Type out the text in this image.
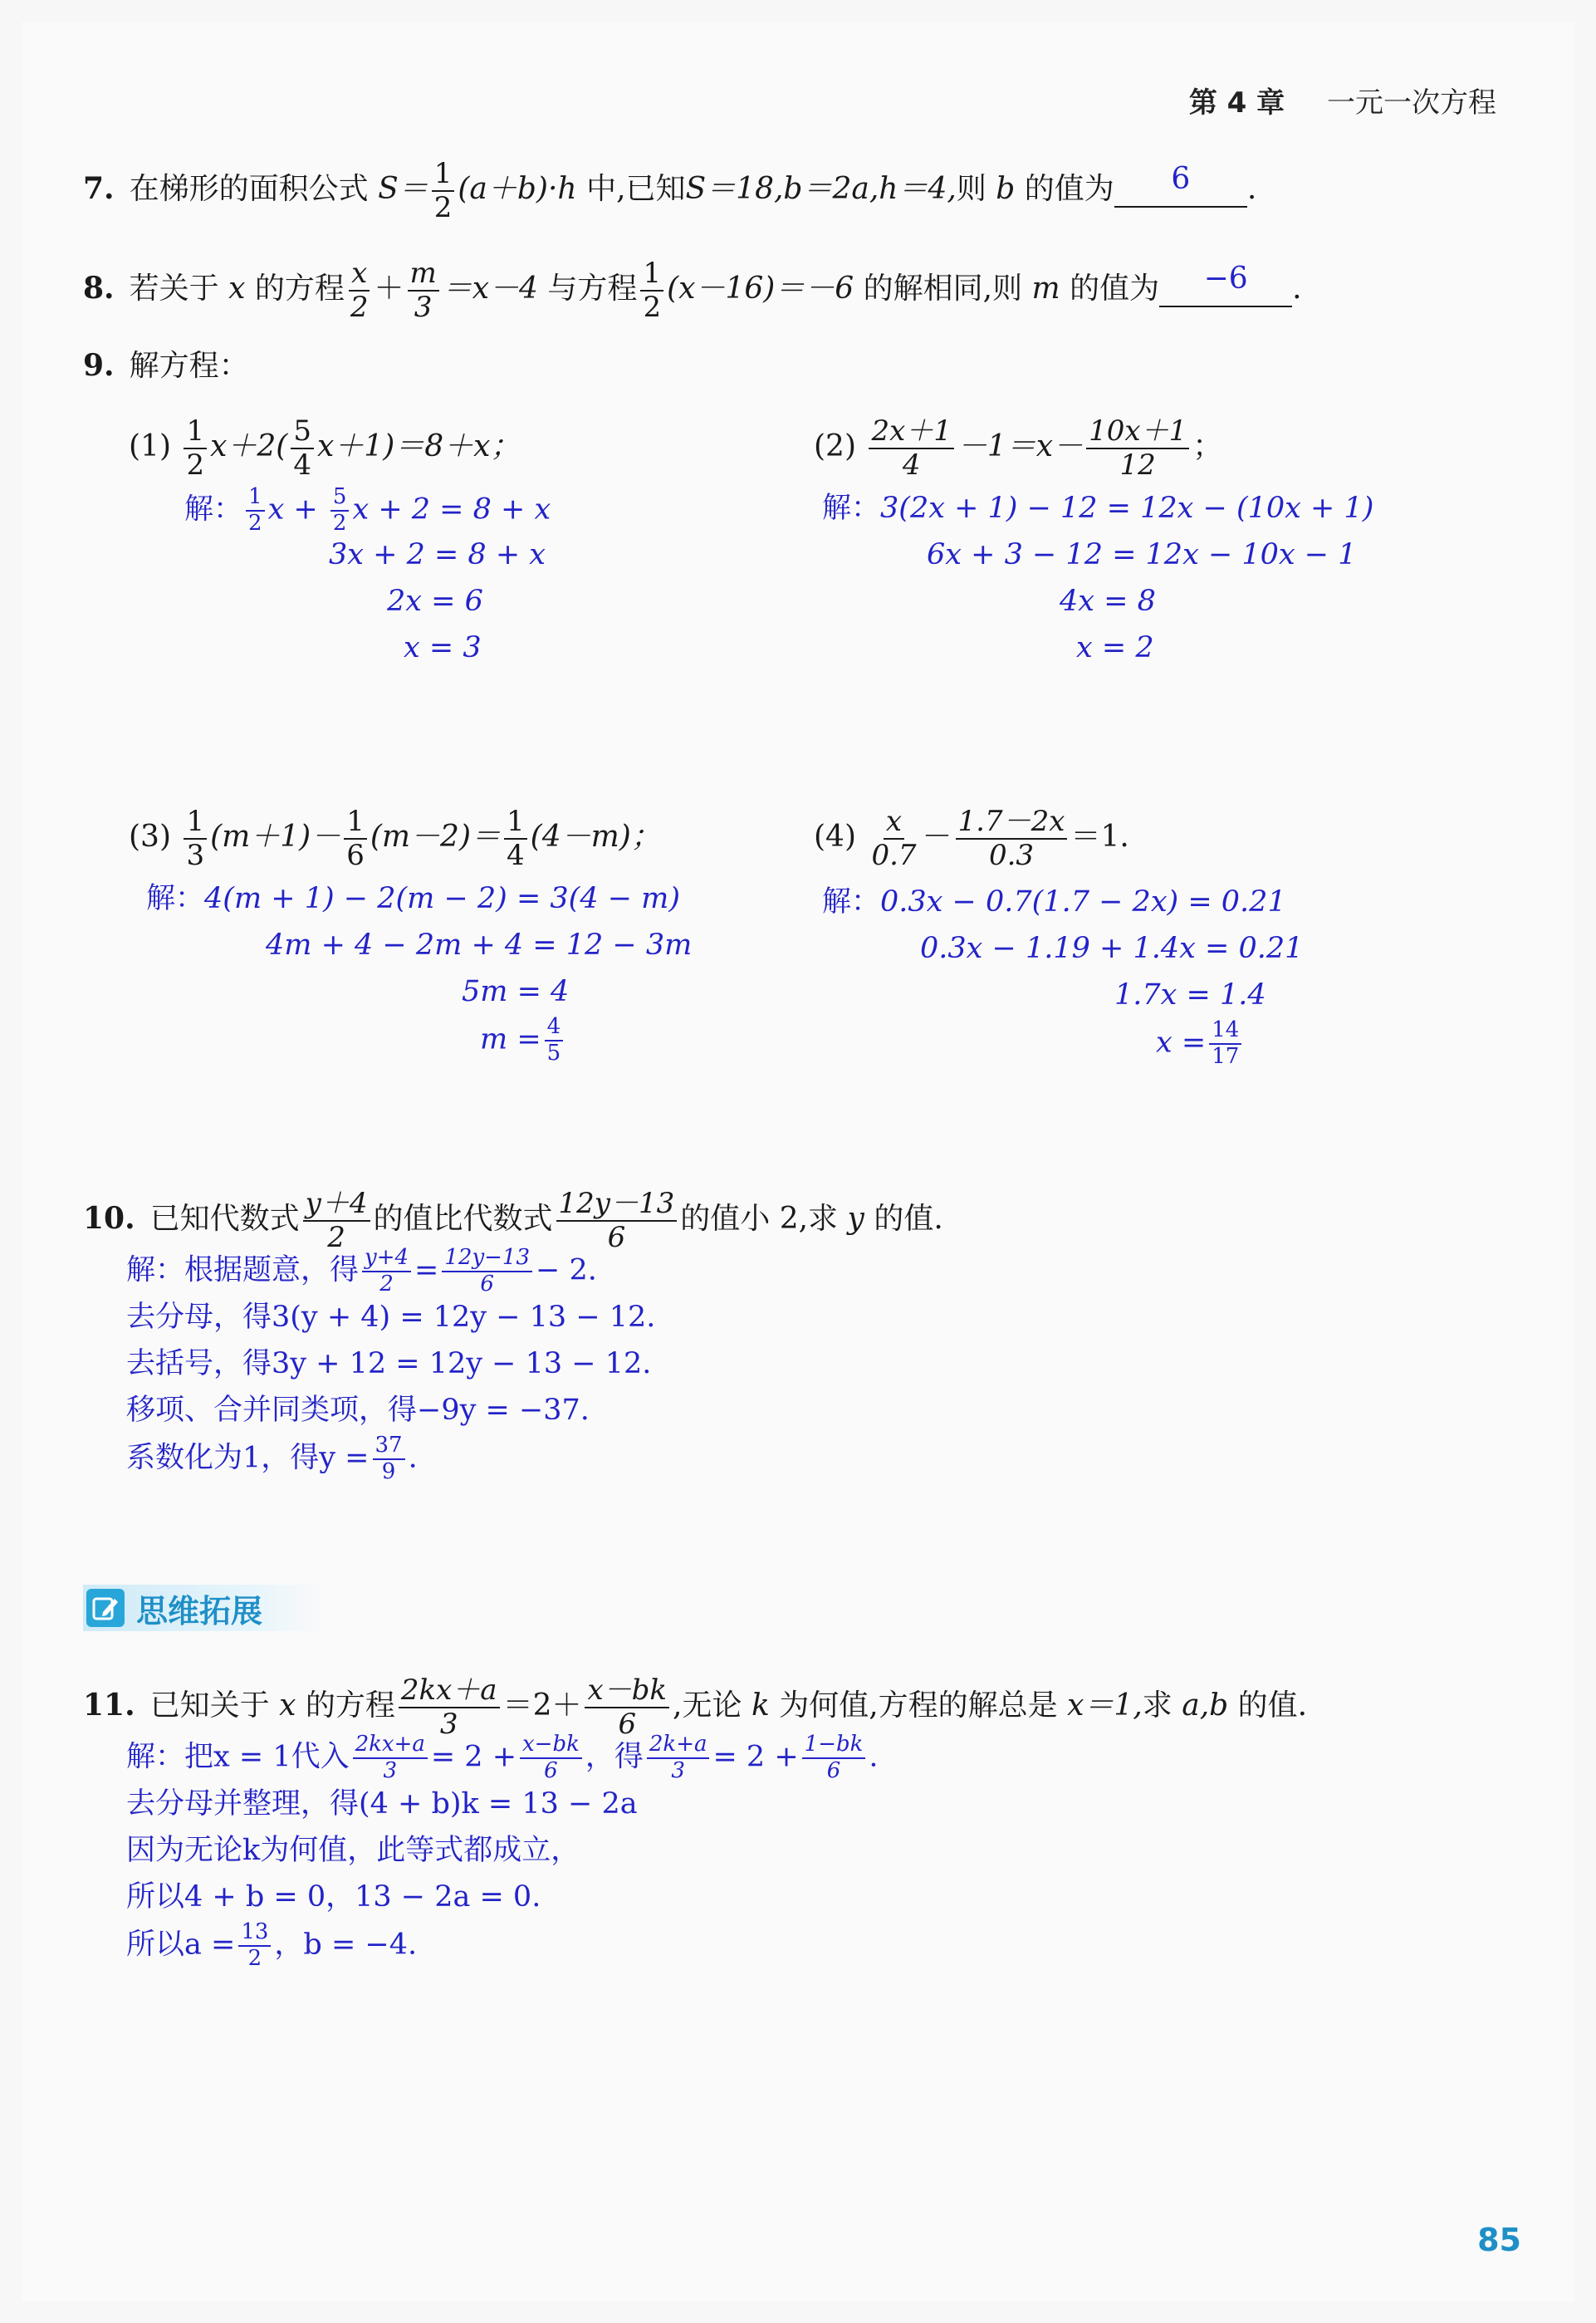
第 4 章 一元一次方程
7. 在梯形的面积公式 $S= \frac{1}{2} (a+b)\cdot h$ 中,已知S＝18,b＝2a,h＝4,则 b 的值为 6 .
8. 若关于 x 的方程 $\frac{x}{2} + \frac{m}{3} =x-4$ 与方程 $\frac{1}{2} (x-16)=-6$ 的解相同,则 m 的值为 −6 .
9. 解方程：
$(1) \frac{1}{2} x+2( \frac{5}{4} x+1)=8+x$；
解： $\frac{1}{2}$ $x + \frac{5}{2}$ x + 2 = 8 + x
3x + 2 = 8 + x
2x = 6
x = 3
$(2) \frac{2x+1}{4} -1=x- \frac{10x+1}{12}$ ；
解：3(2x + 1) − 12 = 12x − (10x + 1)
6x + 3 − 12 = 12x − 10x − 1
4x = 8
x = 2
$(3) \frac{1}{3} (m+1)- \frac{1}{6} (m-2)= \frac{1}{4} (4-m)$；
解：4(m + 1) − 2(m − 2) = 3(4 − m)
4m + 4 − 2m + 4 = 12 − 3m
5m = 4
$m = \frac{4}{5}$
$(4) \frac{x}{0.7} - \frac{1.7-2x}{0.3} =1$.
解：0.3x − 0.7(1.7 − 2x) = 0.21
0.3x − 1.19 + 1.4x = 0.21
1.7x = 1.4
$x = \frac{14}{17}$
10. 已知代数式 $\frac{y+4}{2}$ 的值比代数式 $\frac{12y-13}{6}$ 的值小 2,求 y 的值.
解：根据题意，得 $\frac{y+4}{2} = \frac{12y-13}{6} - 2$.
去分母，得3(y + 4) = 12y − 13 − 12.
去括号，得3y + 12 = 12y − 13 − 12.
移项、合并同类项，得−9y = −37.
系数化为1，得$y = \frac{37}{9}$ .
思维拓展
11. 已知关于 x 的方程 $\frac{2kx+a}{3} =2+ \frac{x-bk}{6}$ ,无论 k 为何值,方程的解总是 x＝1,求 a,b 的值.
解：把x = 1代入 $\frac{2kx+a}{3} = 2 + \frac{x-bk}{6}$ ，得 $\frac{2k+a}{3} = 2 + \frac{1-bk}{6}$ .
去分母并整理，得(4 + b)k = 13 − 2a
因为无论k为何值，此等式都成立，
所以4 + b = 0，13 − 2a = 0.
所以$a = \frac{13}{2}$ ，b = −4.
85
